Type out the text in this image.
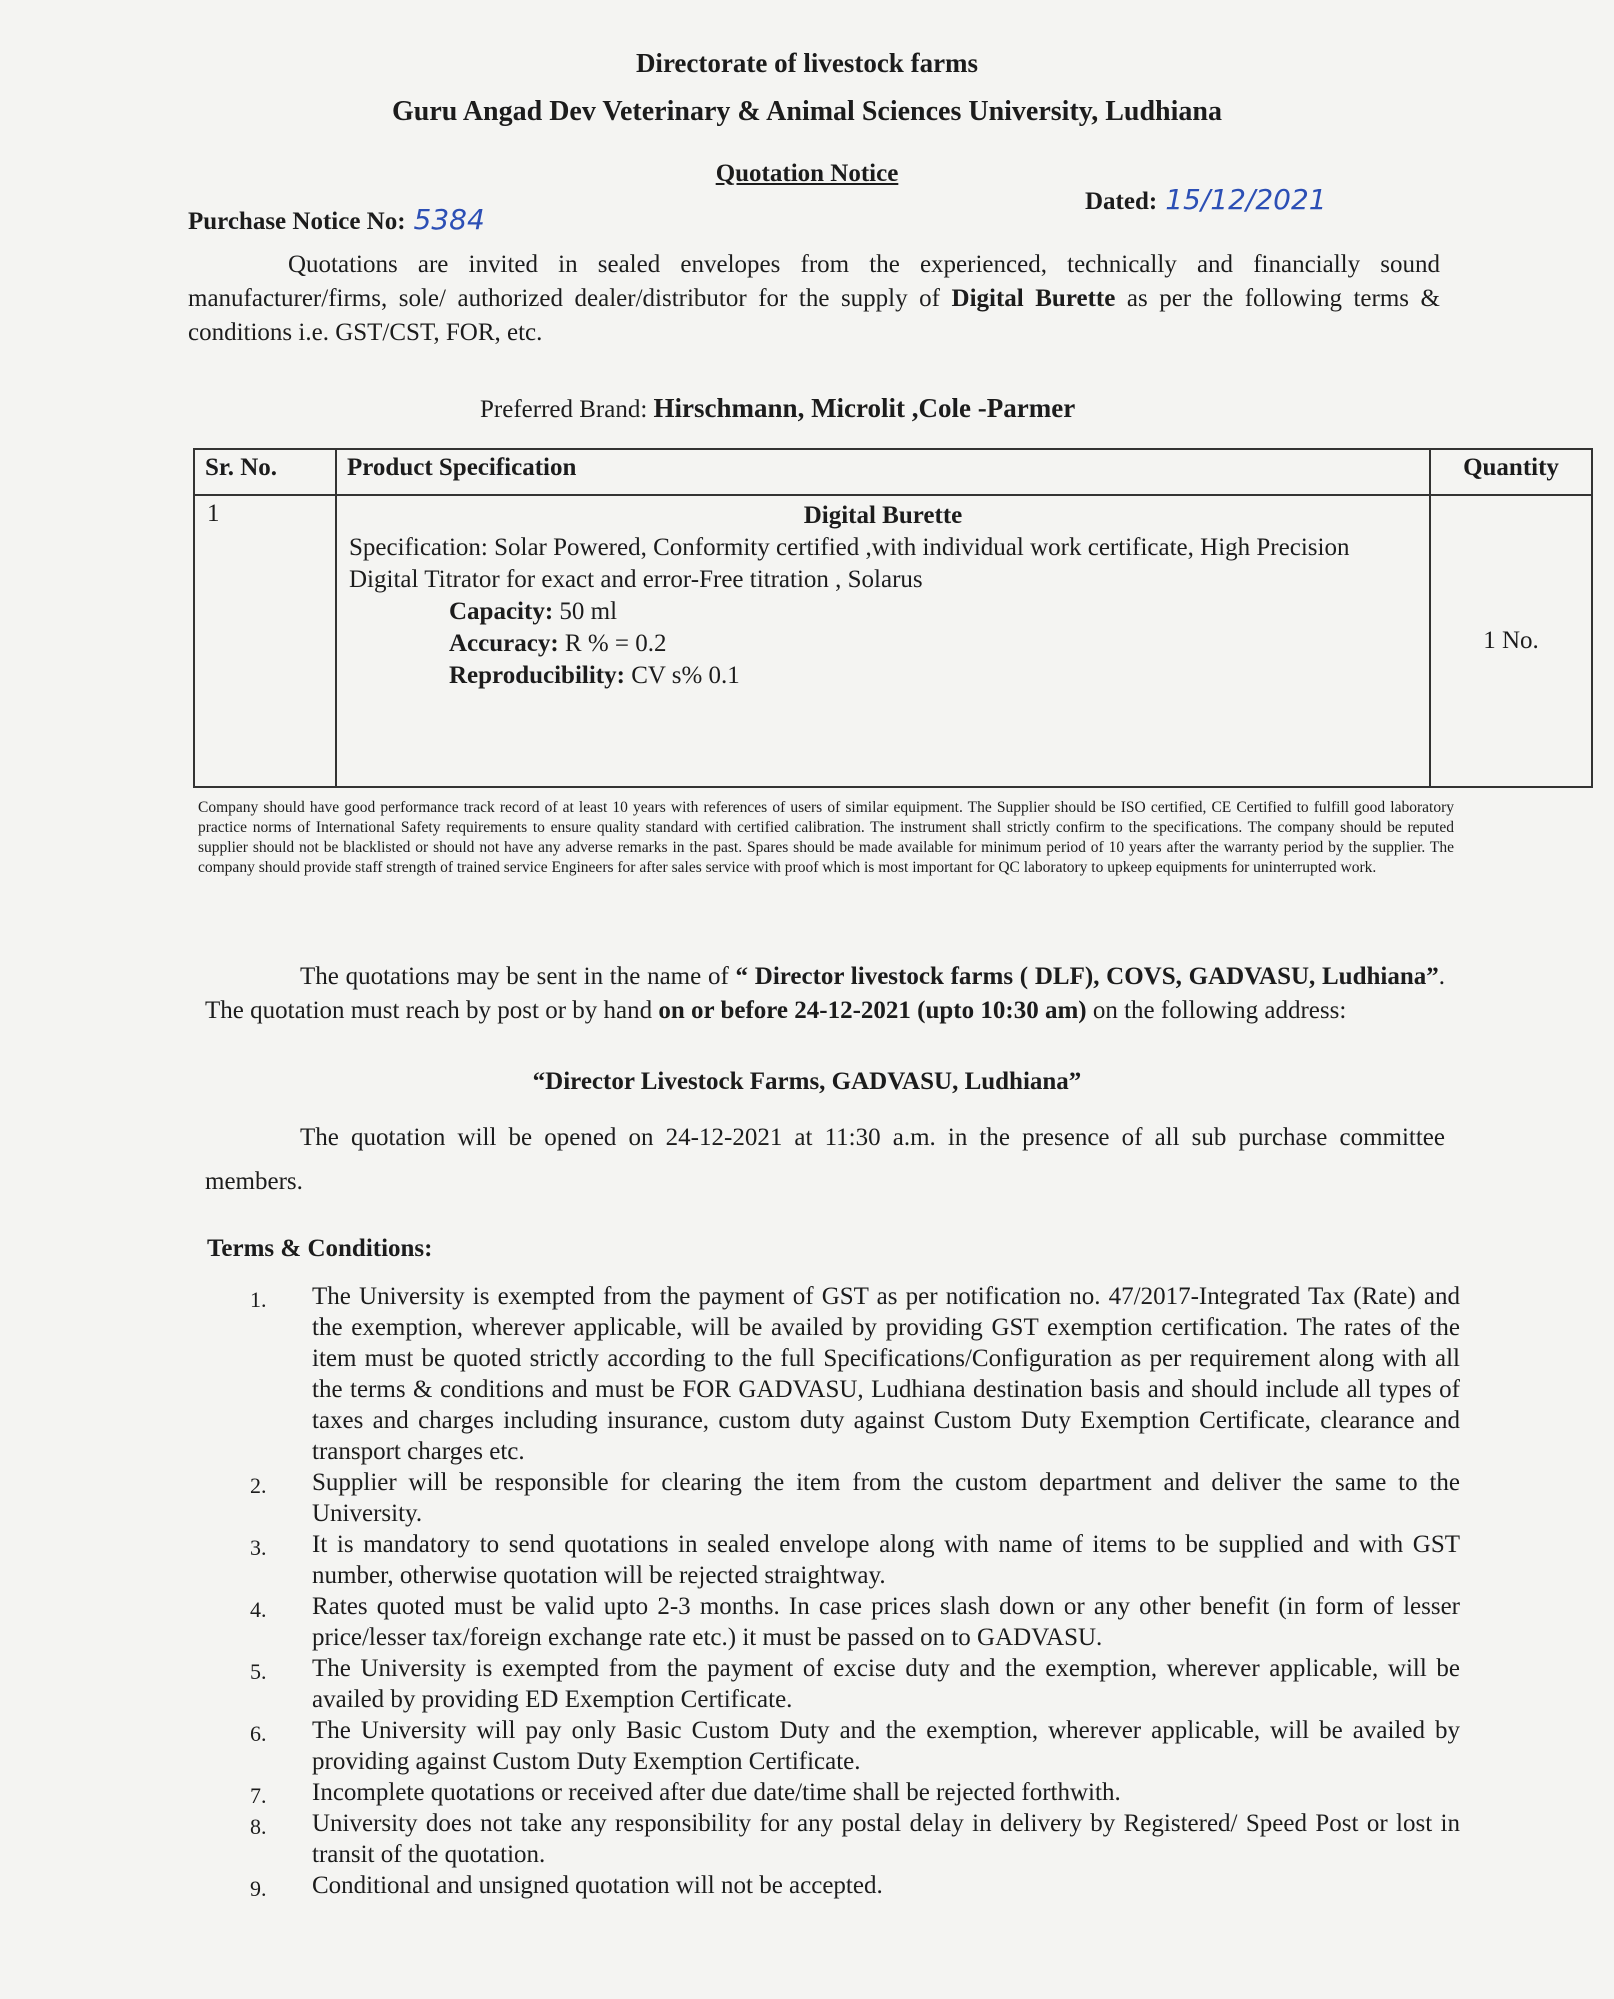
Directorate of livestock farms
Guru Angad Dev Veterinary & Animal Sciences University, Ludhiana
Quotation Notice
Purchase Notice No: 5384
Dated: 15/12/2021
Quotations are invited in sealed envelopes from the experienced, technically and financially sound manufacturer/firms, sole/ authorized dealer/distributor for the supply of Digital Burette as per the following terms & conditions i.e. GST/CST, FOR, etc.
Preferred Brand: Hirschmann, Microlit ,Cole -Parmer
Sr. No.	Product Specification	Quantity
1	Digital Burette
Specification: Solar Powered, Conformity certified ,with individual work certificate, High Precision Digital Titrator for exact and error-Free titration , Solarus
Capacity: 50 ml
Accuracy: R % = 0.2
Reproducibility: CV s% 0.1	1 No.
Company should have good performance track record of at least 10 years with references of users of similar equipment. The Supplier should be ISO certified, CE Certified to fulfill good laboratory practice norms of International Safety requirements to ensure quality standard with certified calibration. The instrument shall strictly confirm to the specifications. The company should be reputed supplier should not be blacklisted or should not have any adverse remarks in the past. Spares should be made available for minimum period of 10 years after the warranty period by the supplier. The company should provide staff strength of trained service Engineers for after sales service with proof which is most important for QC laboratory to upkeep equipments for uninterrupted work.
The quotations may be sent in the name of “ Director livestock farms ( DLF), COVS, GADVASU, Ludhiana”. The quotation must reach by post or by hand on or before 24-12-2021 (upto 10:30 am) on the following address:
“Director Livestock Farms, GADVASU, Ludhiana”
The quotation will be opened on 24-12-2021 at 11:30 a.m. in the presence of all sub purchase committee members.
Terms & Conditions:
1. The University is exempted from the payment of GST as per notification no. 47/2017-Integrated Tax (Rate) and the exemption, wherever applicable, will be availed by providing GST exemption certification. The rates of the item must be quoted strictly according to the full Specifications/Configuration as per requirement along with all the terms & conditions and must be FOR GADVASU, Ludhiana destination basis and should include all types of taxes and charges including insurance, custom duty against Custom Duty Exemption Certificate, clearance and transport charges etc.
2. Supplier will be responsible for clearing the item from the custom department and deliver the same to the University.
3. It is mandatory to send quotations in sealed envelope along with name of items to be supplied and with GST number, otherwise quotation will be rejected straightway.
4. Rates quoted must be valid upto 2-3 months. In case prices slash down or any other benefit (in form of lesser price/lesser tax/foreign exchange rate etc.) it must be passed on to GADVASU.
5. The University is exempted from the payment of excise duty and the exemption, wherever applicable, will be availed by providing ED Exemption Certificate.
6. The University will pay only Basic Custom Duty and the exemption, wherever applicable, will be availed by providing against Custom Duty Exemption Certificate.
7. Incomplete quotations or received after due date/time shall be rejected forthwith.
8. University does not take any responsibility for any postal delay in delivery by Registered/ Speed Post or lost in transit of the quotation.
9. Conditional and unsigned quotation will not be accepted.
